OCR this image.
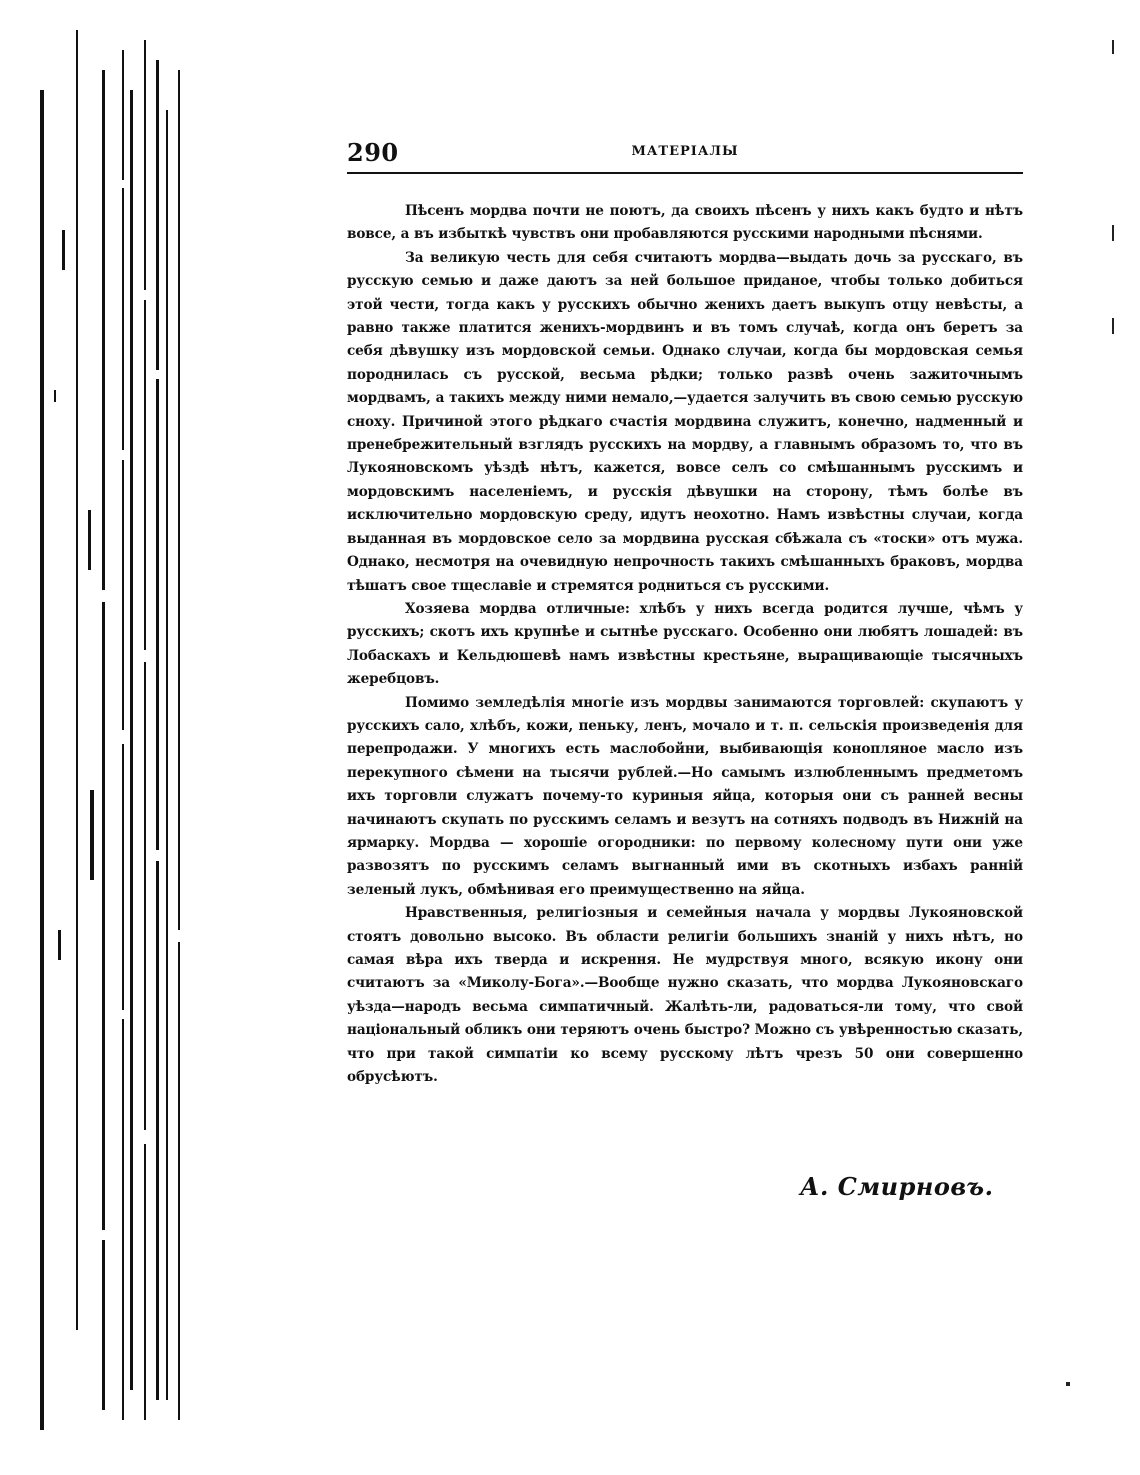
290	МАТЕРІАЛЫ

Пѣсенъ мордва почти не поютъ, да своихъ пѣсенъ у нихъ какъ будто и нѣтъ вовсе, а въ избыткѣ чувствъ они пробавляются русскими народными пѣснями.

За великую честь для себя считаютъ мордва—выдать дочь за русскаго, въ русскую семью и даже даютъ за ней большое приданое, чтобы только добиться этой чести, тогда какъ у русскихъ обычно женихъ даетъ выкупъ отцу невѣсты, а равно также платится женихъ-мордвинъ и въ томъ случаѣ, когда онъ беретъ за себя дѣвушку изъ мордовской семьи. Однако случаи, когда бы мордовская семья породнилась съ русской, весьма рѣдки; только развѣ очень зажиточнымъ мордвамъ, а такихъ между ними немало,—удается залучить въ свою семью русскую сноху. Причиной этого рѣдкаго счастія мордвина служитъ, конечно, надменный и пренебрежительный взглядъ русскихъ на мордву, а главнымъ образомъ то, что въ Лукояновскомъ уѣздѣ нѣтъ, кажется, вовсе селъ со смѣшаннымъ русскимъ и мордовскимъ населеніемъ, и русскія дѣвушки на сторону, тѣмъ болѣе въ исключительно мордовскую среду, идутъ неохотно. Намъ извѣстны случаи, когда выданная въ мордовское село за мордвина русская сбѣжала съ «тоски» отъ мужа. Однако, несмотря на очевидную непрочность такихъ смѣшанныхъ браковъ, мордва тѣшатъ свое тщеславіе и стремятся родниться съ русскими.

Хозяева мордва отличные: хлѣбъ у нихъ всегда родится лучше, чѣмъ у русскихъ; скотъ ихъ крупнѣе и сытнѣе русскаго. Особенно они любятъ лошадей: въ Лобаскахъ и Кельдюшевѣ намъ извѣстны крестьяне, выращивающіе тысячныхъ жеребцовъ.

Помимо земледѣлія многіе изъ мордвы занимаются торговлей: скупаютъ у русскихъ сало, хлѣбъ, кожи, пеньку, ленъ, мочало и т. п. сельскія произведенія для перепродажи. У многихъ есть маслобойни, выбивающія конопляное масло изъ перекупного сѣмени на тысячи рублей.—Но самымъ излюбленнымъ предметомъ ихъ торговли служатъ почему-то куриныя яйца, которыя они съ ранней весны начинаютъ скупать по русскимъ селамъ и везутъ на сотняхъ подводъ въ Нижній на ярмарку. Мордва — хорошіе огородники: по первому колесному пути они уже развозятъ по русскимъ селамъ выгнанный ими въ скотныхъ избахъ ранній зеленый лукъ, обмѣнивая его преимущественно на яйца.

Нравственныя, религіозныя и семейныя начала у мордвы Лукояновской стоятъ довольно высоко. Въ области религіи большихъ знаній у нихъ нѣтъ, но самая вѣра ихъ тверда и искрення. Не мудрствуя много, всякую икону они считаютъ за «Миколу-Бога».—Вообще нужно сказать, что мордва Лукояновскаго уѣзда—народъ весьма симпатичный. Жалѣть-ли, радоваться-ли тому, что свой національный обликъ они теряютъ очень быстро? Можно съ увѣренностью сказать, что при такой симпатіи ко всему русскому лѣтъ чрезъ 50 они совершенно обрусѣютъ.

А. Смирновъ.
